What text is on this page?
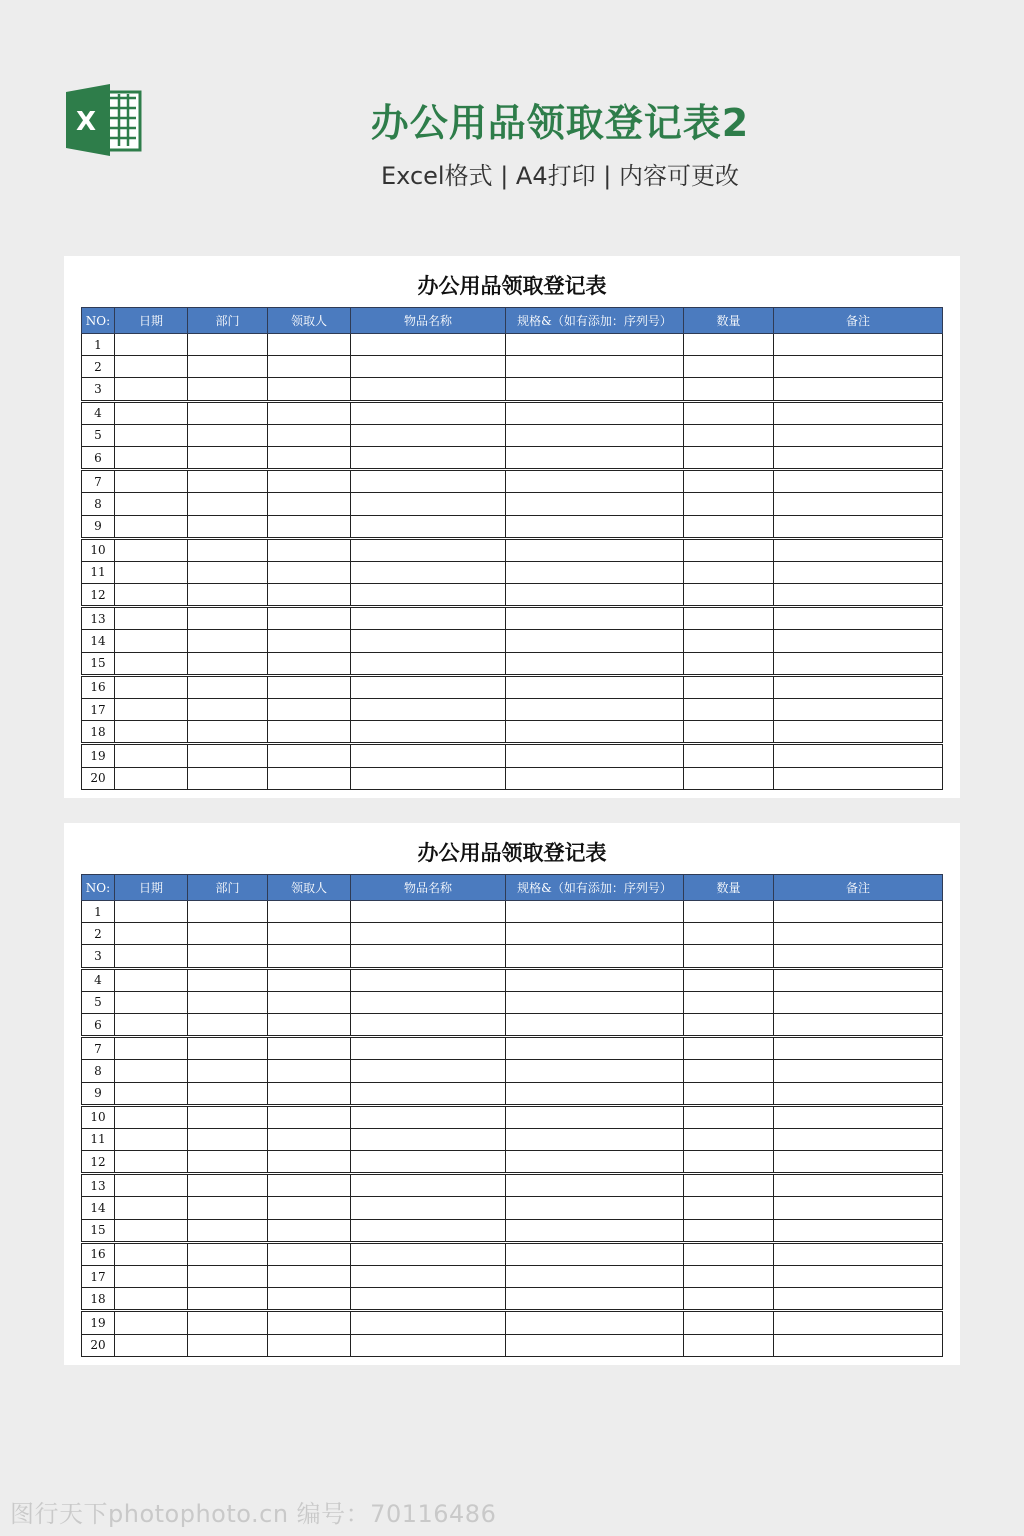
X	办公用品领取登记表2
Excel格式 | A4打印 | 内容可更改
办公用品领取登记表
NO:	日期	部门	领取人	物品名称	规格&（如有添加：序列号）	数量	备注
1							
2							
3							
4							
5							
6							
7							
8							
9							
10							
11							
12							
13							
14							
15							
16							
17							
18							
19							
20							
办公用品领取登记表
NO:	日期	部门	领取人	物品名称	规格&（如有添加：序列号）	数量	备注
1							
2							
3							
4							
5							
6							
7							
8							
9							
10							
11							
12							
13							
14							
15							
16							
17							
18							
19							
20							
图行天下photophoto.cn 编号：70116486
